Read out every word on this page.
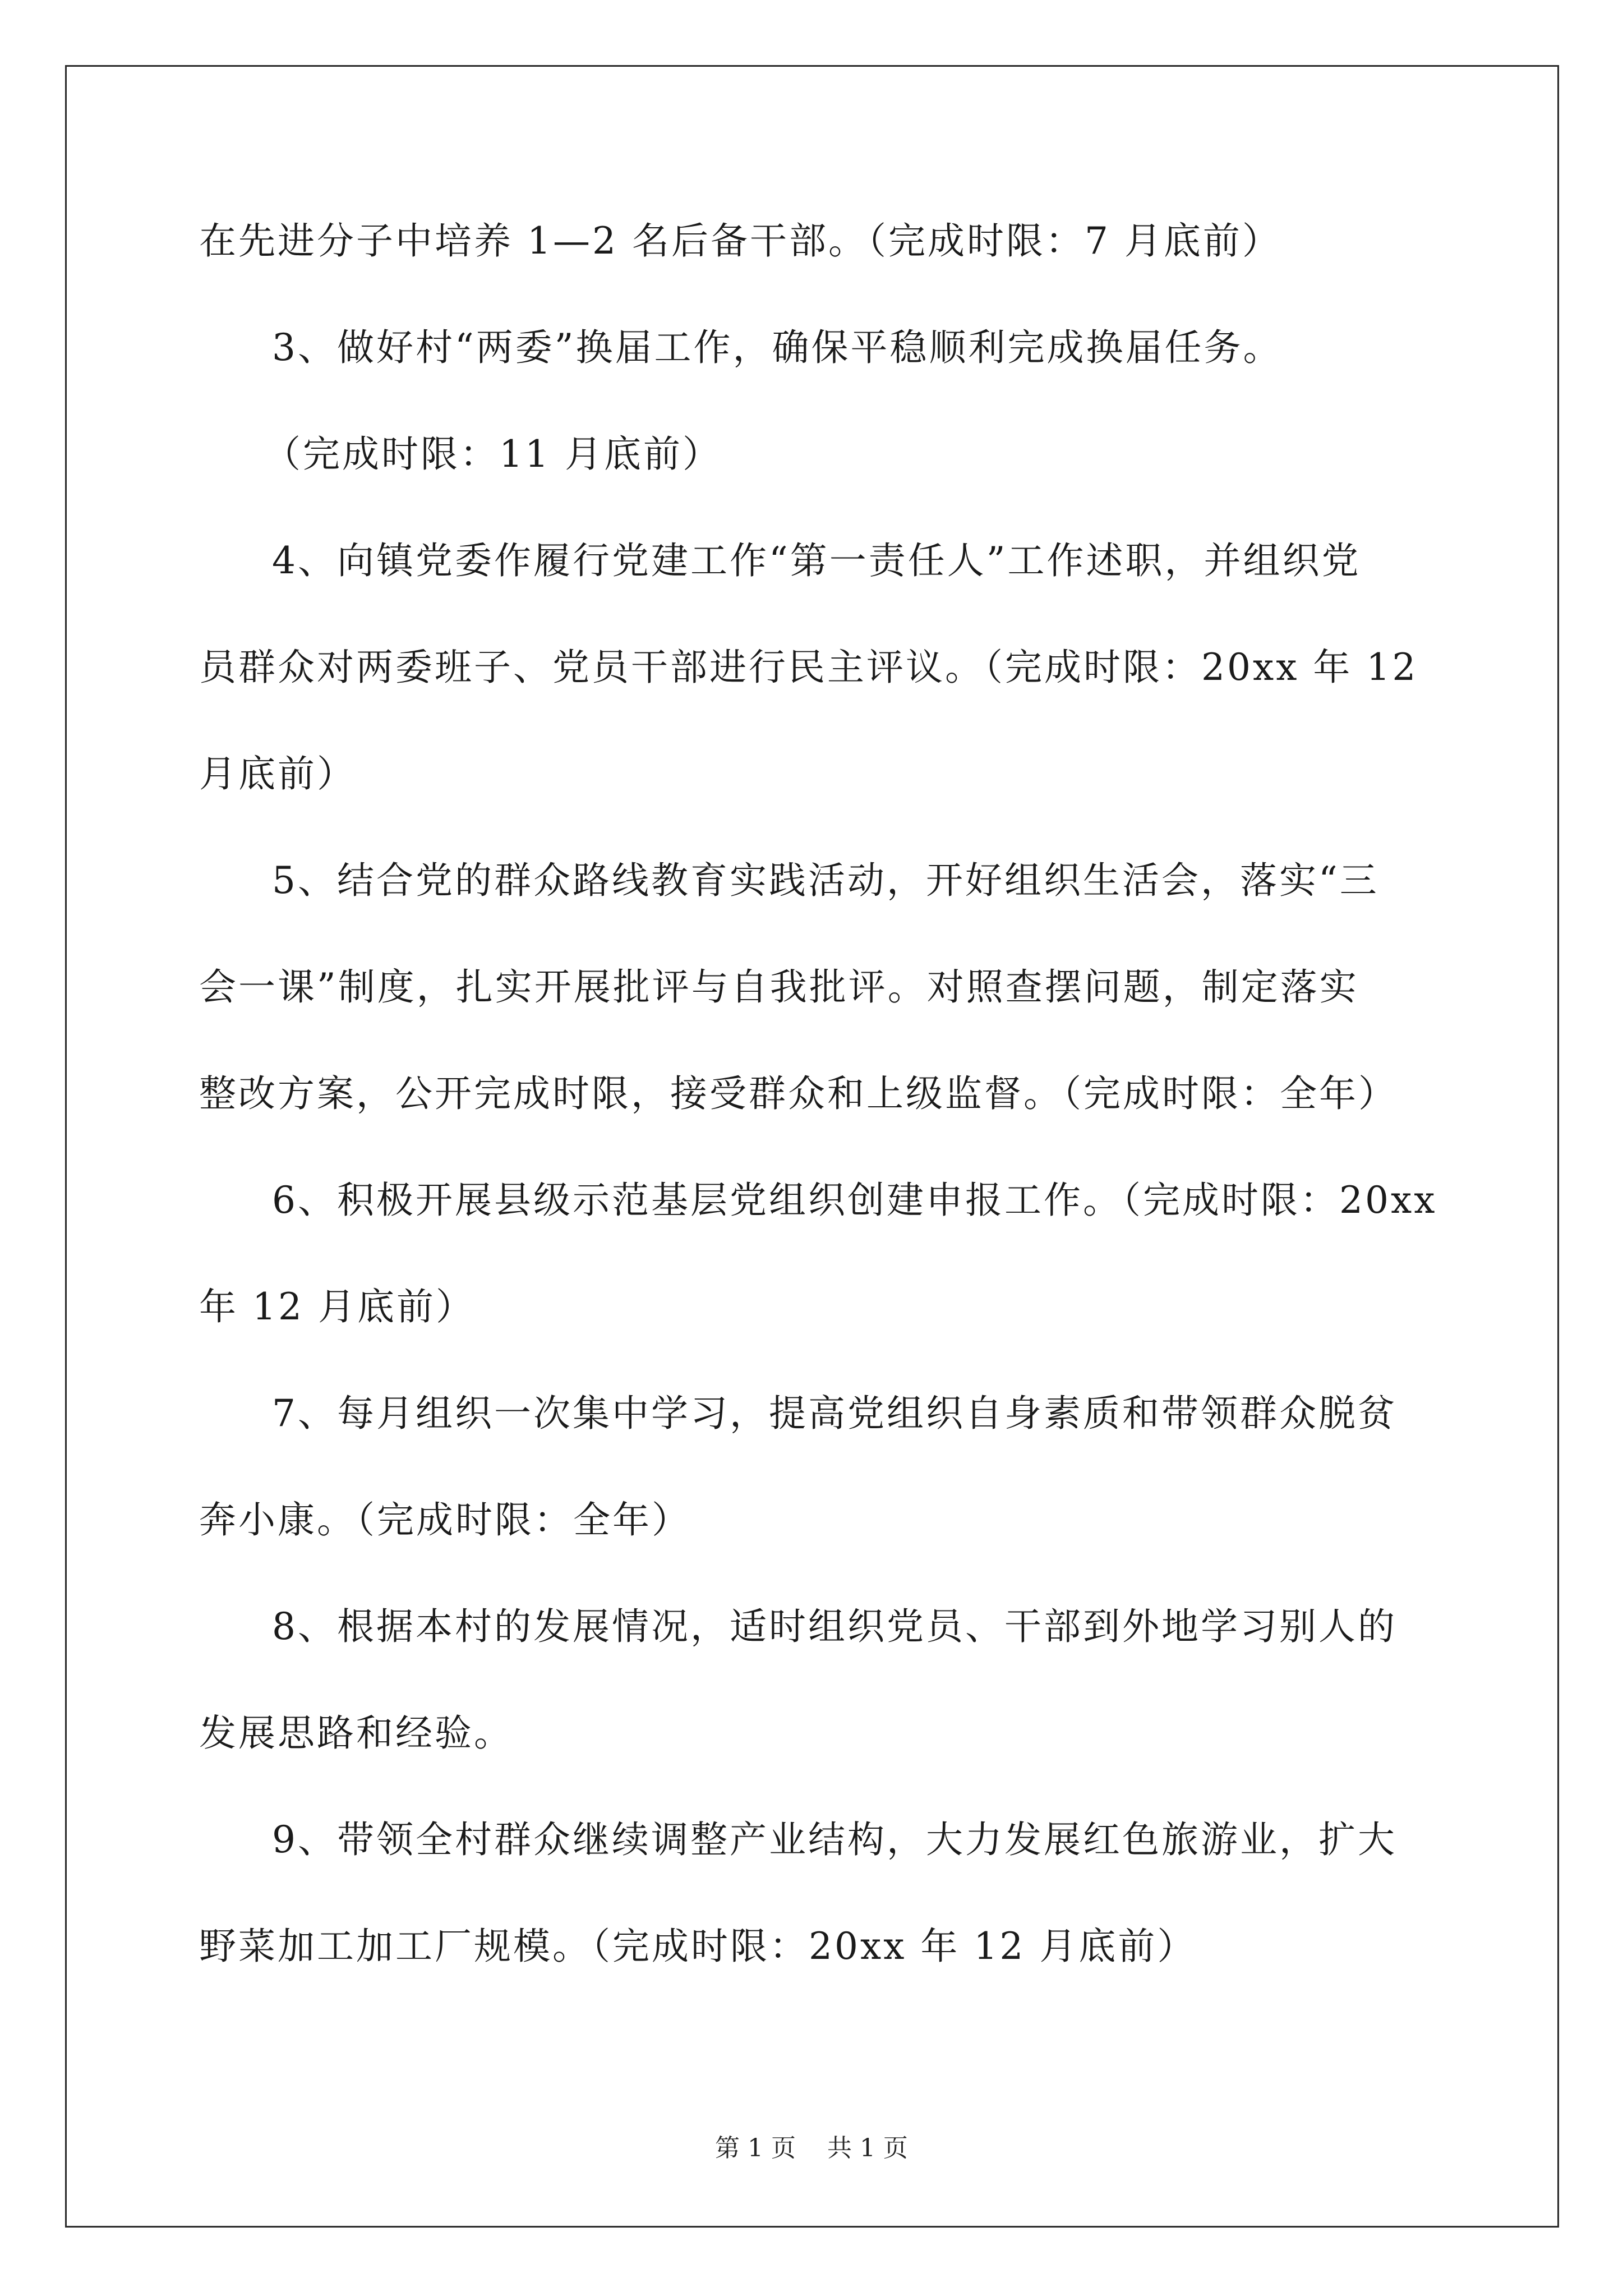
在先进分子中培养 1—2 名后备干部。（完成时限：7 月底前）
3、做好村“两委”换届工作，确保平稳顺利完成换届任务。
（完成时限：11 月底前）
4、向镇党委作履行党建工作“第一责任人”工作述职，并组织党
员群众对两委班子、党员干部进行民主评议。（完成时限：20xx 年 12
月底前）
5、结合党的群众路线教育实践活动，开好组织生活会，落实“三
会一课”制度，扎实开展批评与自我批评。对照查摆问题，制定落实
整改方案，公开完成时限，接受群众和上级监督。（完成时限：全年）
6、积极开展县级示范基层党组织创建申报工作。（完成时限：20xx
年 12 月底前）
7、每月组织一次集中学习，提高党组织自身素质和带领群众脱贫
奔小康。（完成时限：全年）
8、根据本村的发展情况，适时组织党员、干部到外地学习别人的
发展思路和经验。
9、带领全村群众继续调整产业结构，大力发展红色旅游业，扩大
野菜加工加工厂规模。（完成时限：20xx 年 12 月底前）
第 1 页    共 1 页
